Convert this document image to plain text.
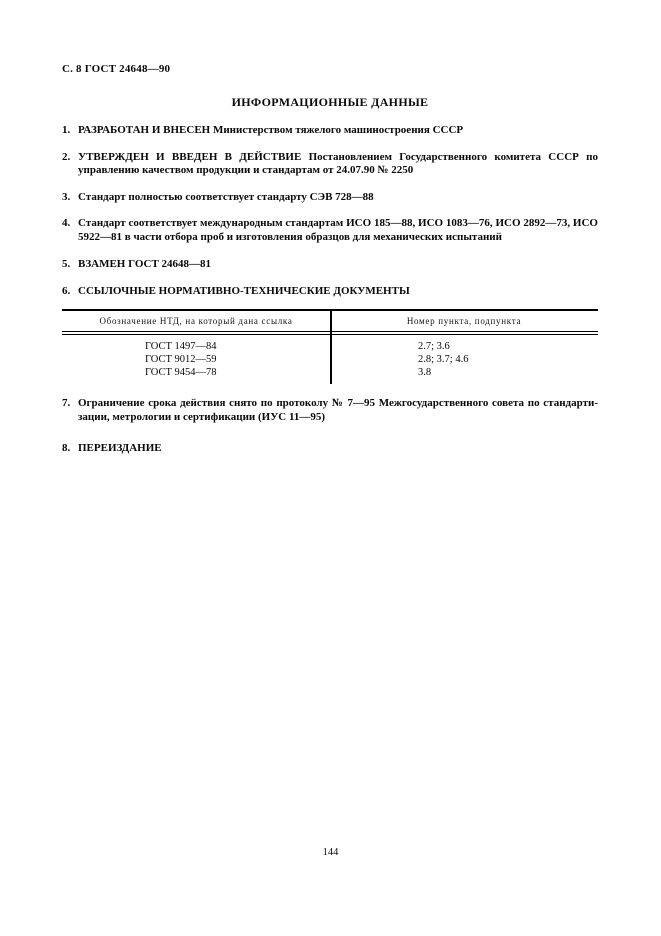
С. 8 ГОСТ 24648—90
ИНФОРМАЦИОННЫЕ ДАННЫЕ
1. РАЗРАБОТАН И ВНЕСЕН Министерством тяжелого машиностроения СССР
2. УТВЕРЖДЕН И ВВЕДЕН В ДЕЙСТВИЕ Постановлением Государственного комитета СССР по управлению качеством продукции и стандартам от 24.07.90 № 2250
3. Стандарт полностью соответствует стандарту СЭВ 728—88
4. Стандарт соответствует международным стандартам ИСО 185—88, ИСО 1083—76, ИСО 2892—73, ИСО 5922—81 в части отбора проб и изготовления образцов для механических испытаний
5. ВЗАМЕН ГОСТ 24648—81
6. ССЫЛОЧНЫЕ НОРМАТИВНО-ТЕХНИЧЕСКИЕ ДОКУМЕНТЫ
Обозначение НТД, на который дана ссылка	Номер пункта, подпункта
ГОСТ 1497—84	2.7; 3.6
ГОСТ 9012—59	2.8; 3.7; 4.6
ГОСТ 9454—78	3.8
7. Ограничение срока действия снято по протоколу № 7—95 Межгосударственного совета по стандартизации, метрологии и сертификации (ИУС 11—95)
8. ПЕРЕИЗДАНИЕ
144
